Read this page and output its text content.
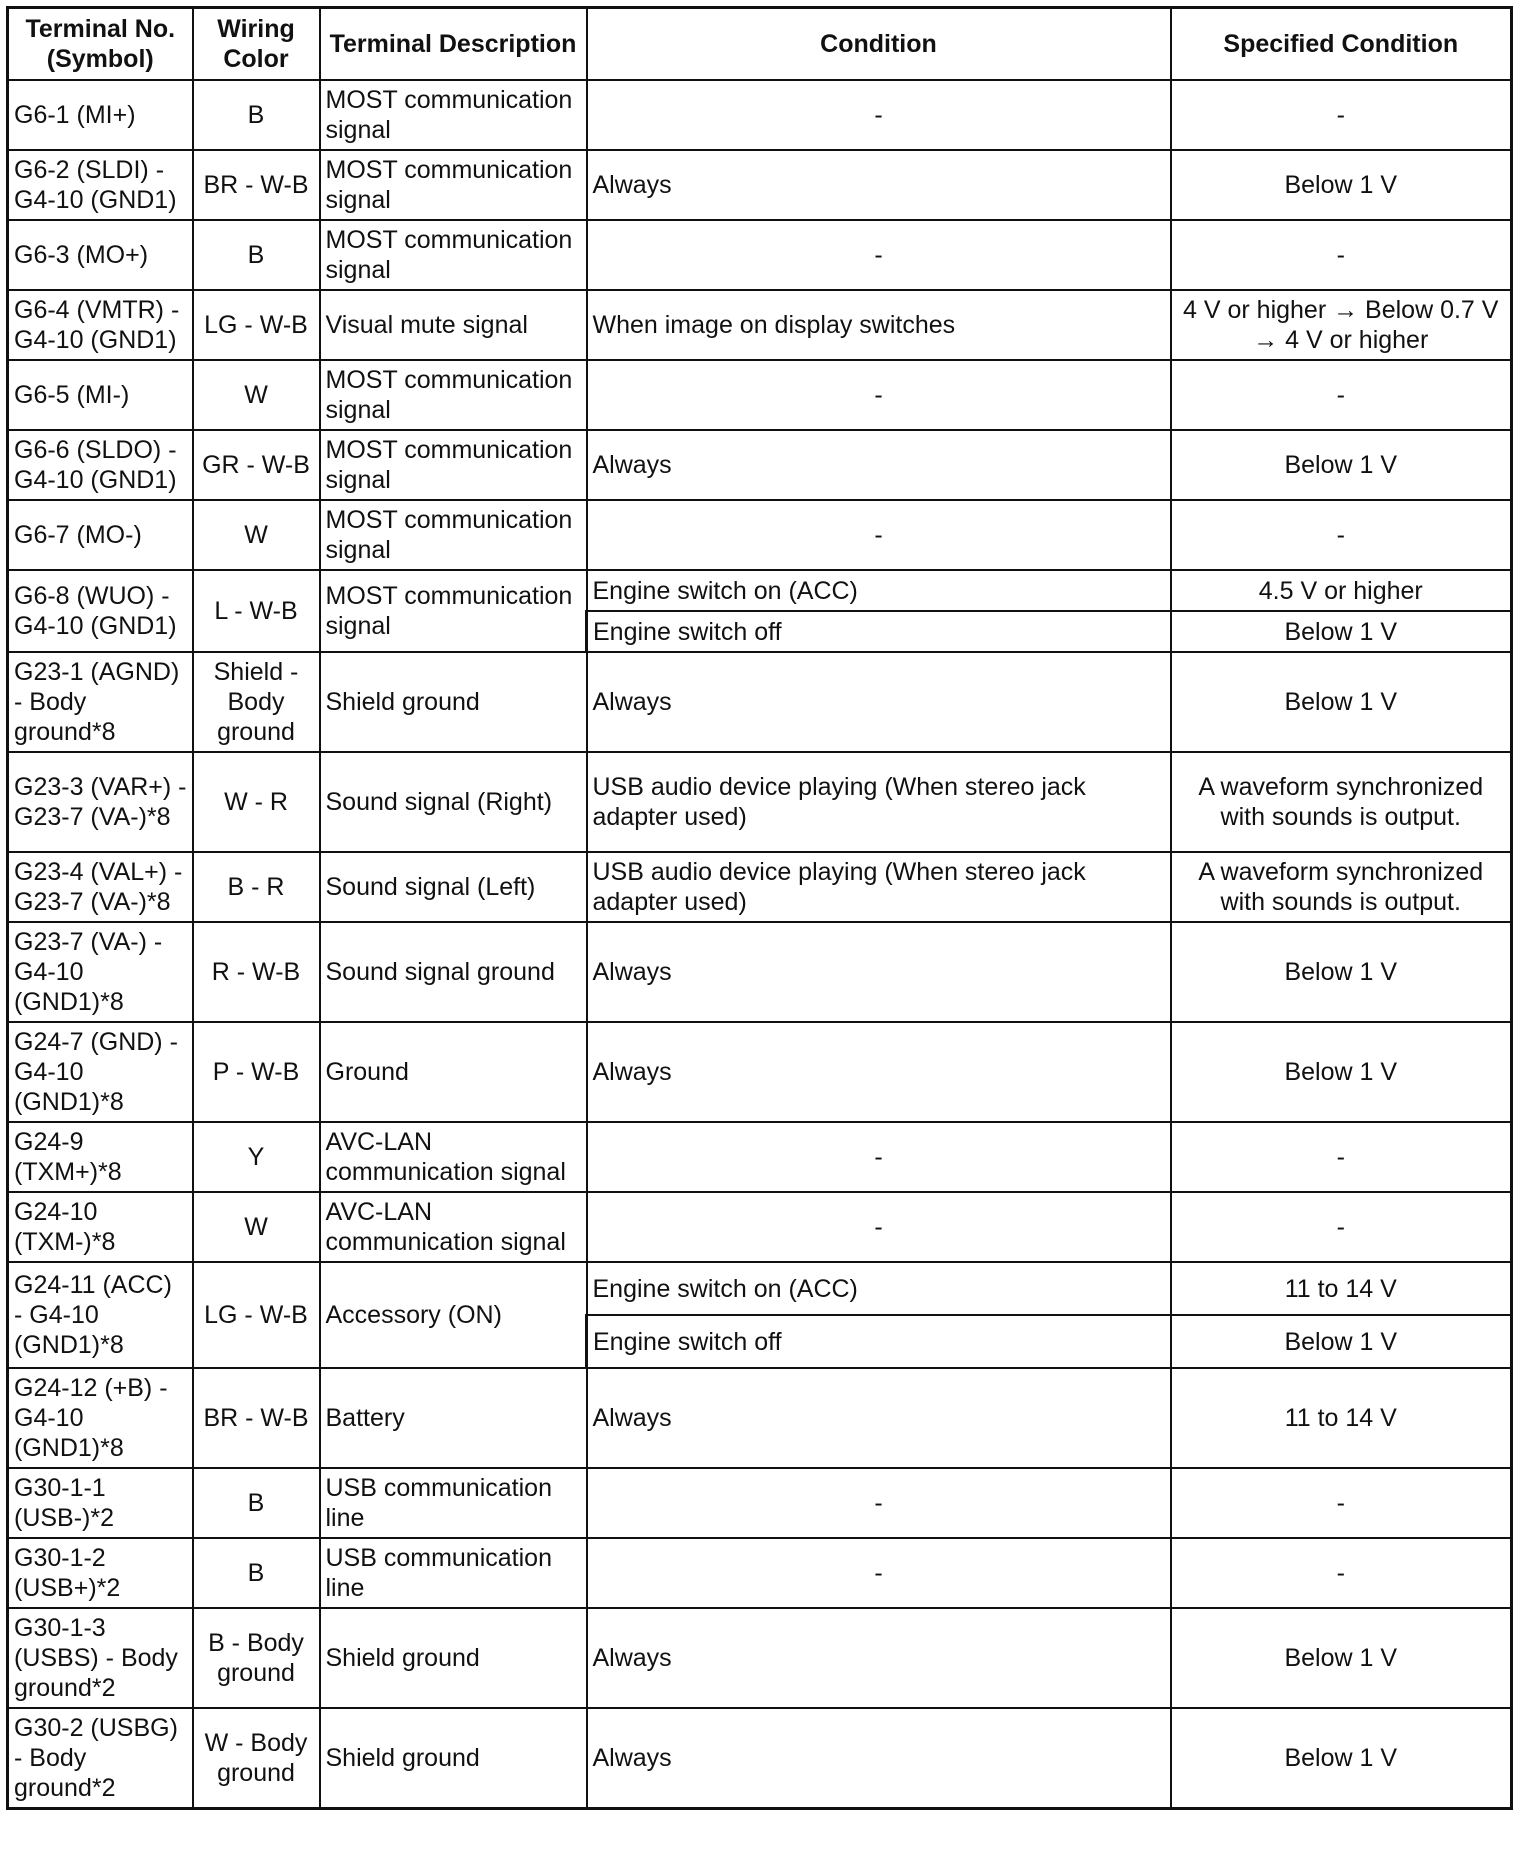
Terminal No. (Symbol)	Wiring Color	Terminal Description	Condition	Specified Condition
G6-1 (MI+)	B	MOST communication signal	-	-
G6-2 (SLDI) - G4-10 (GND1)	BR - W-B	MOST communication signal	Always	Below 1 V
G6-3 (MO+)	B	MOST communication signal	-	-
G6-4 (VMTR) - G4-10 (GND1)	LG - W-B	Visual mute signal	When image on display switches	4 V or higher → Below 0.7 V → 4 V or higher
G6-5 (MI-)	W	MOST communication signal	-	-
G6-6 (SLDO) - G4-10 (GND1)	GR - W-B	MOST communication signal	Always	Below 1 V
G6-7 (MO-)	W	MOST communication signal	-	-
G6-8 (WUO) - G4-10 (GND1)	L - W-B	MOST communication signal	Engine switch on (ACC)	4.5 V or higher
			Engine switch off	Below 1 V
G23-1 (AGND) - Body ground*8	Shield - Body ground	Shield ground	Always	Below 1 V
G23-3 (VAR+) - G23-7 (VA-)*8	W - R	Sound signal (Right)	USB audio device playing (When stereo jack adapter used)	A waveform synchronized with sounds is output.
G23-4 (VAL+) - G23-7 (VA-)*8	B - R	Sound signal (Left)	USB audio device playing (When stereo jack adapter used)	A waveform synchronized with sounds is output.
G23-7 (VA-) - G4-10 (GND1)*8	R - W-B	Sound signal ground	Always	Below 1 V
G24-7 (GND) - G4-10 (GND1)*8	P - W-B	Ground	Always	Below 1 V
G24-9 (TXM+)*8	Y	AVC-LAN communication signal	-	-
G24-10 (TXM-)*8	W	AVC-LAN communication signal	-	-
G24-11 (ACC) - G4-10 (GND1)*8	LG - W-B	Accessory (ON)	Engine switch on (ACC)	11 to 14 V
			Engine switch off	Below 1 V
G24-12 (+B) - G4-10 (GND1)*8	BR - W-B	Battery	Always	11 to 14 V
G30-1-1 (USB-)*2	B	USB communication line	-	-
G30-1-2 (USB+)*2	B	USB communication line	-	-
G30-1-3 (USBS) - Body ground*2	B - Body ground	Shield ground	Always	Below 1 V
G30-2 (USBG) - Body ground*2	W - Body ground	Shield ground	Always	Below 1 V
